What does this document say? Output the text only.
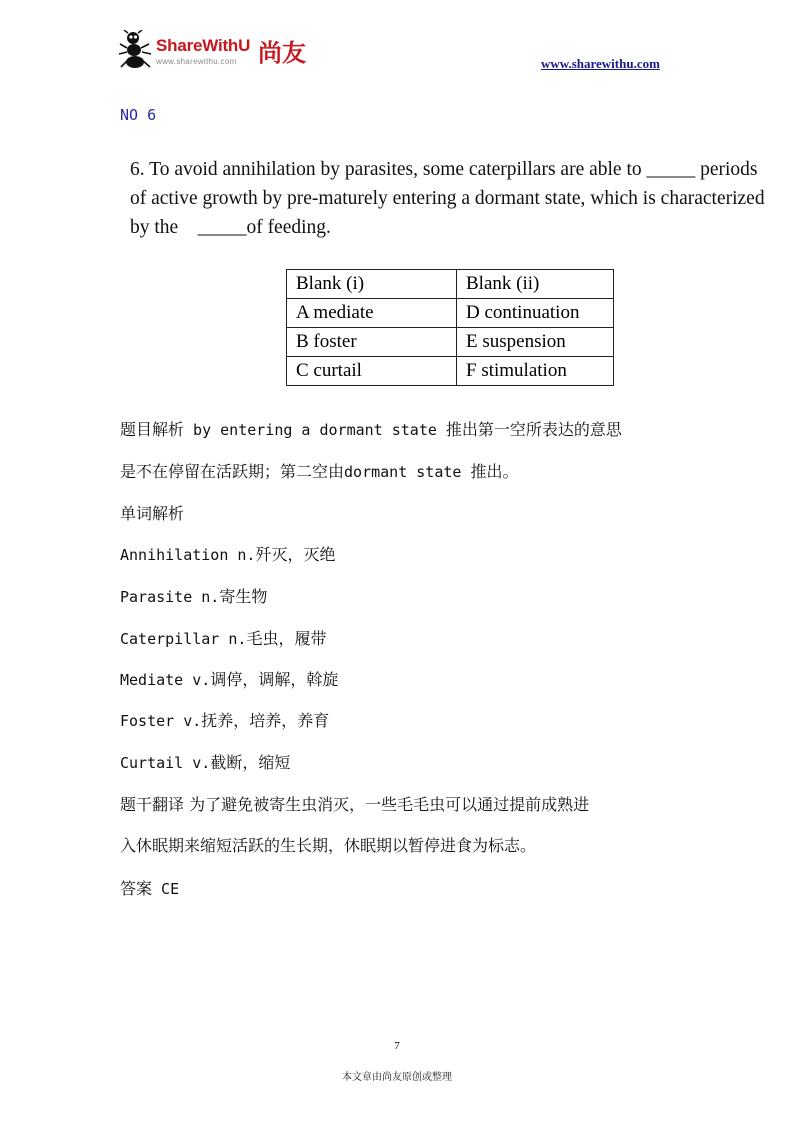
ShareWithU 尚友
www.sharewithu.com	www.sharewithu.com
NO 6
6. To avoid annihilation by parasites, some caterpillars are able to _____ periods of active growth by pre-maturely entering a dormant state, which is characterized by the    _____of feeding.
Blank (i)	Blank (ii)
A mediate	D continuation
B foster	E suspension
C curtail	F stimulation
题目解析 by entering a dormant state 推出第一空所表达的意思
是不在停留在活跃期；第二空由dormant state 推出。
单词解析
Annihilation n.歼灭，灭绝
Parasite n.寄生物
Caterpillar n.毛虫，履带
Mediate v.调停，调解，斡旋
Foster v.抚养，培养，养育
Curtail v.截断，缩短
题干翻译 为了避免被寄生虫消灭，一些毛毛虫可以通过提前成熟进
入休眠期来缩短活跃的生长期，休眠期以暂停进食为标志。
答案 CE
7
本文章由尚友原创或整理
